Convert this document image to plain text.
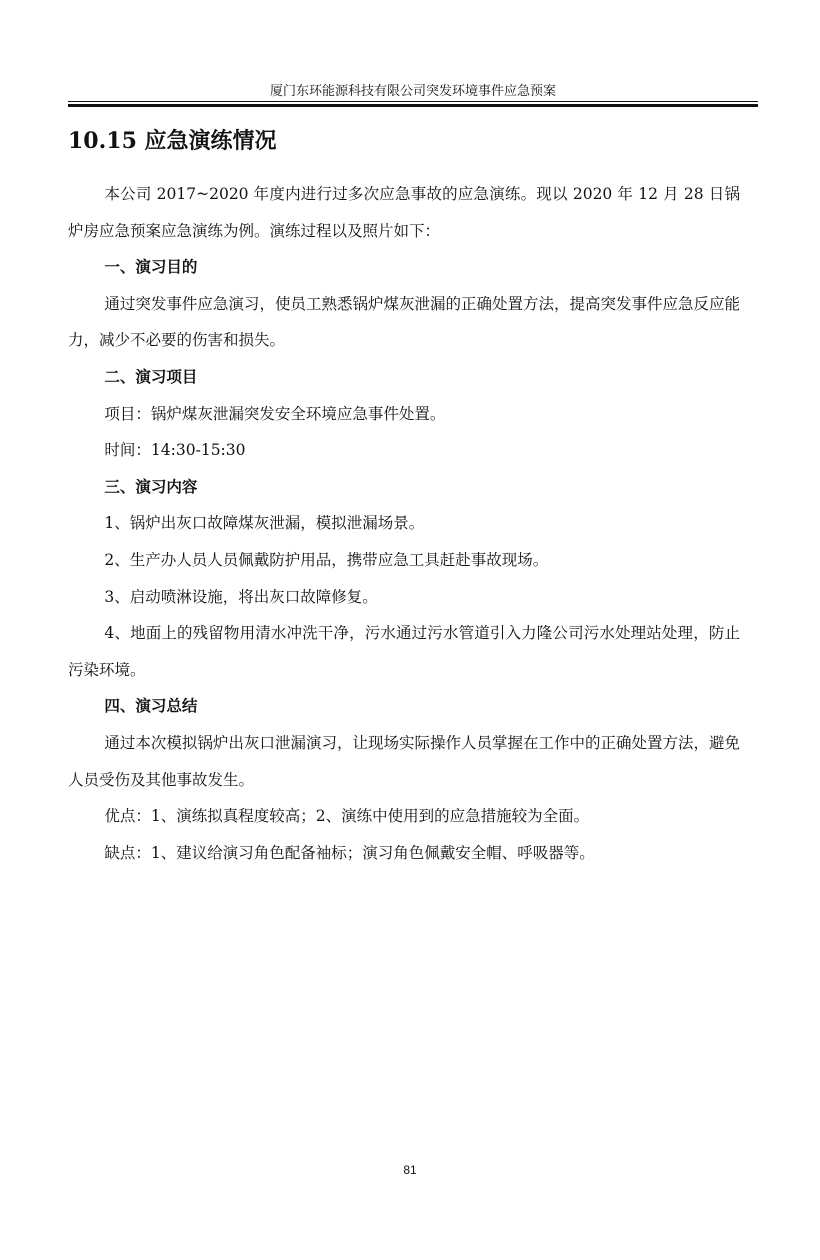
厦门东环能源科技有限公司突发环境事件应急预案
10.15 应急演练情况

本公司 2017~2020 年度内进行过多次应急事故的应急演练。现以 2020 年 12 月 28 日锅炉房应急预案应急演练为例。演练过程以及照片如下：

一、演习目的

通过突发事件应急演习，使员工熟悉锅炉煤灰泄漏的正确处置方法，提高突发事件应急反应能力，减少不必要的伤害和损失。

二、演习项目

项目：锅炉煤灰泄漏突发安全环境应急事件处置。

时间：14:30-15:30

三、演习内容

1、锅炉出灰口故障煤灰泄漏，模拟泄漏场景。

2、生产办人员人员佩戴防护用品，携带应急工具赶赴事故现场。

3、启动喷淋设施，将出灰口故障修复。

4、地面上的残留物用清水冲洗干净，污水通过污水管道引入力隆公司污水处理站处理，防止污染环境。

四、演习总结

通过本次模拟锅炉出灰口泄漏演习，让现场实际操作人员掌握在工作中的正确处置方法，避免人员受伤及其他事故发生。

优点：1、演练拟真程度较高；2、演练中使用到的应急措施较为全面。

缺点：1、建议给演习角色配备袖标；演习角色佩戴安全帽、呼吸器等。

81
